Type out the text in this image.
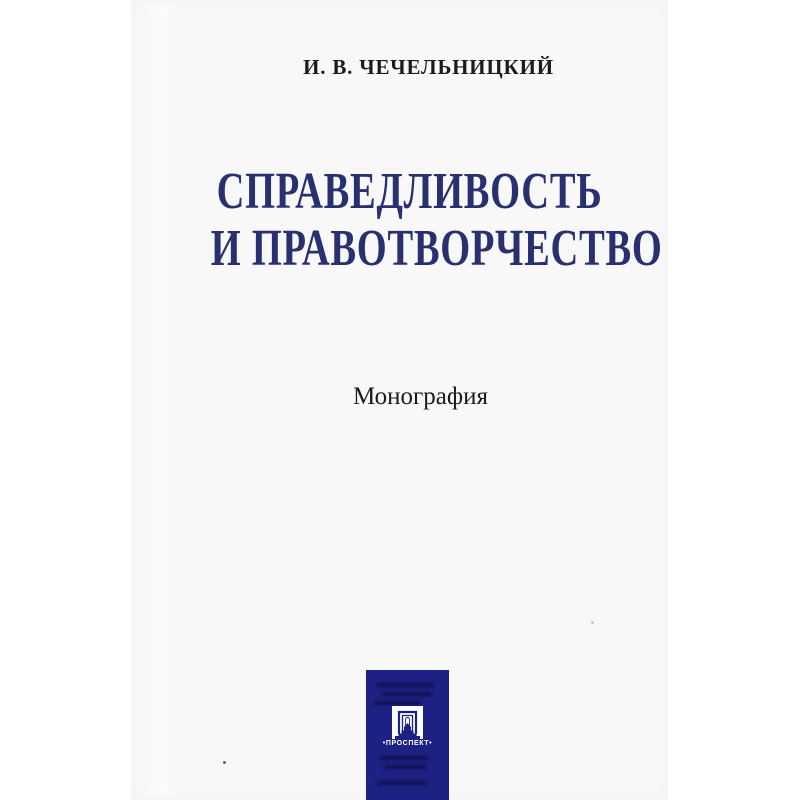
И. В. ЧЕЧЕЛЬНИЦКИЙ
СПРАВЕДЛИВОСТЬ
И ПРАВОТВОРЧЕСТВО
Монография
•ПРОСПЕКТ•
